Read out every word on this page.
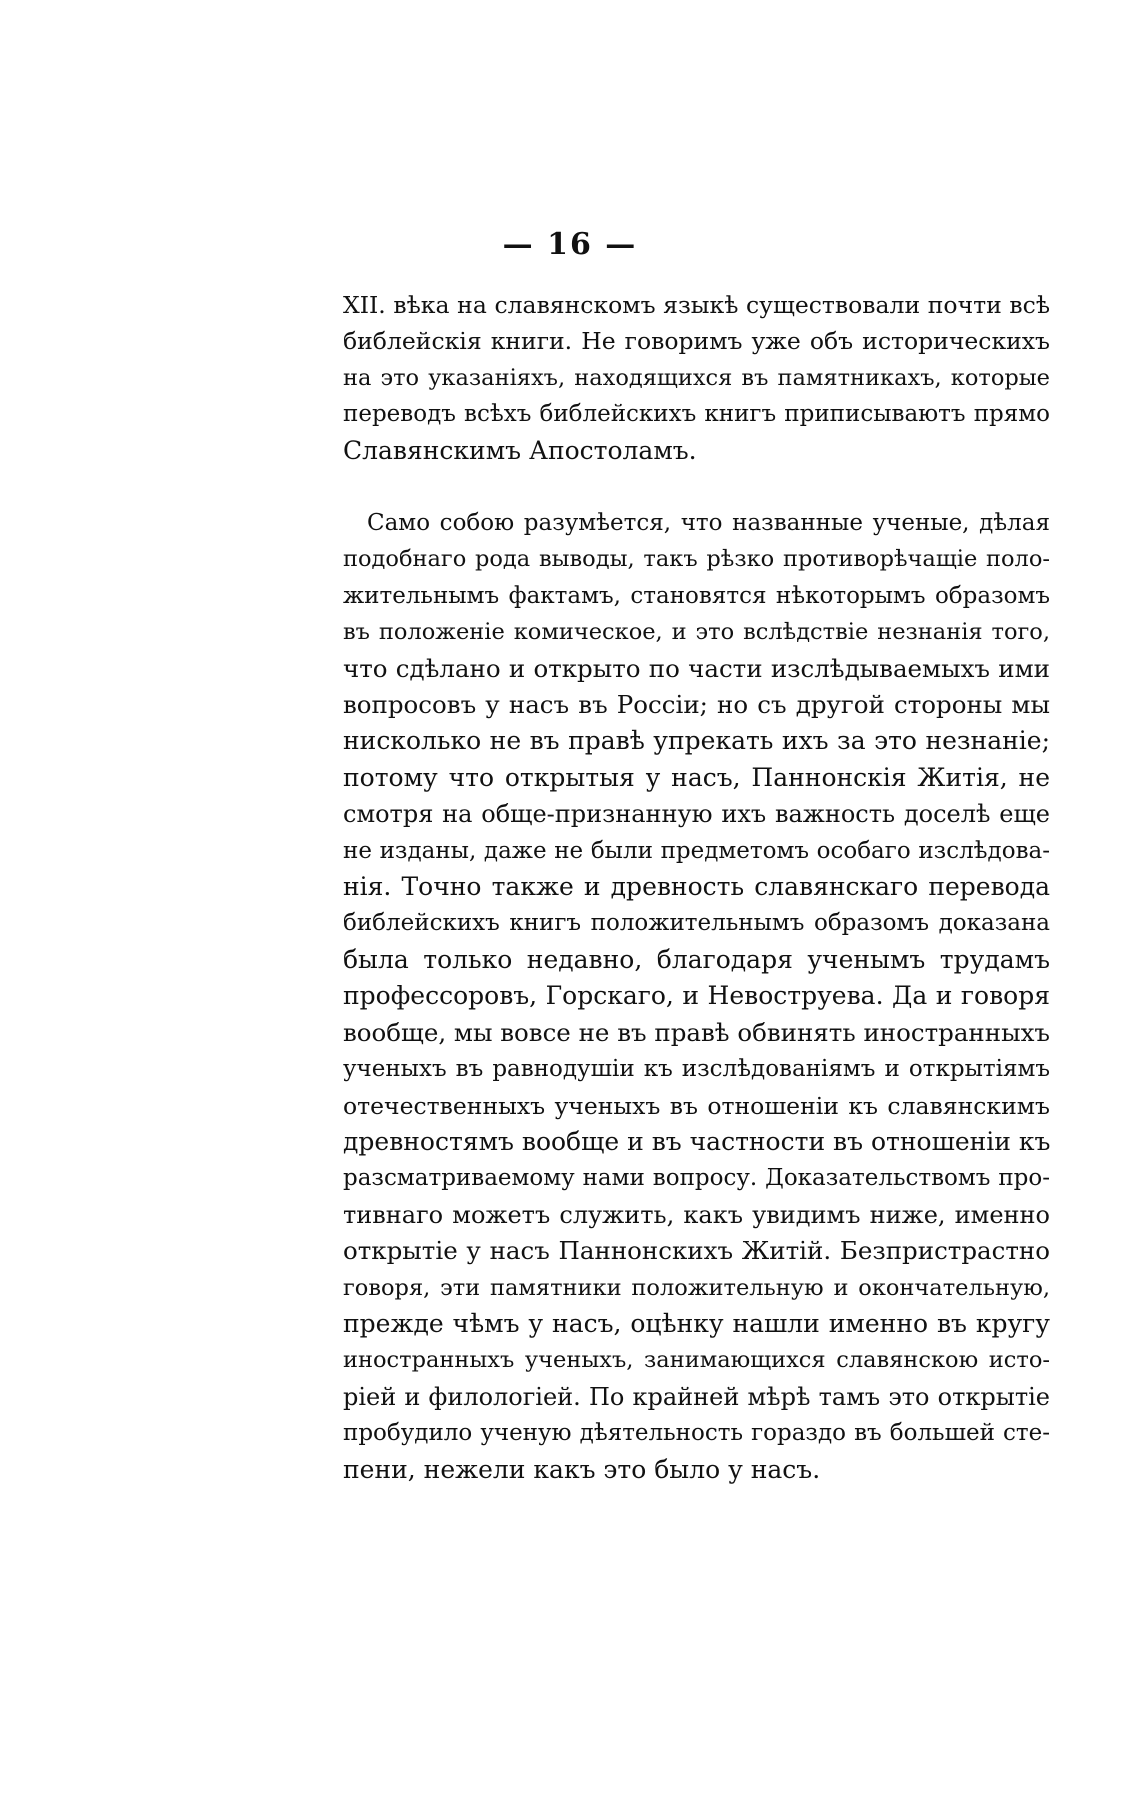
— 16 —
XII. вѣка на славянскомъ языкѣ существовали почти всѣ
библейскія книги. Не говоримъ уже объ историческихъ
на это указаніяхъ, находящихся въ памятникахъ, которые
переводъ всѣхъ библейскихъ книгъ приписываютъ прямо
Славянскимъ Апостоламъ.
Само собою разумѣется, что названные ученые, дѣлая
подобнаго рода выводы, такъ рѣзко противорѣчащіе поло-
жительнымъ фактамъ, становятся нѣкоторымъ образомъ
въ положеніе комическое, и это вслѣдствіе незнанія того,
что сдѣлано и открыто по части изслѣдываемыхъ ими
вопросовъ у насъ въ Россіи; но съ другой стороны мы
нисколько не въ правѣ упрекать ихъ за это незнаніе;
потому что открытыя у насъ, Паннонскія Житія, не
смотря на обще-признанную ихъ важность доселѣ еще
не изданы, даже не были предметомъ особаго изслѣдова-
нія. Точно также и древность славянскаго перевода
библейскихъ книгъ положительнымъ образомъ доказана
была только недавно, благодаря ученымъ трудамъ
профессоровъ, Горскаго, и Невоструева. Да и говоря
вообще, мы вовсе не въ правѣ обвинять иностранныхъ
ученыхъ въ равнодушіи къ изслѣдованіямъ и открытіямъ
отечественныхъ ученыхъ въ отношеніи къ славянскимъ
древностямъ вообще и въ частности въ отношеніи къ
разсматриваемому нами вопросу. Доказательствомъ про-
тивнаго можетъ служить, какъ увидимъ ниже, именно
открытіе у насъ Паннонскихъ Житій. Безпристрастно
говоря, эти памятники положительную и окончательную,
прежде чѣмъ у насъ, оцѣнку нашли именно въ кругу
иностранныхъ ученыхъ, занимающихся славянскою исто-
ріей и филологіей. По крайней мѣрѣ тамъ это открытіе
пробудило ученую дѣятельность гораздо въ большей сте-
пени, нежели какъ это было у насъ.
